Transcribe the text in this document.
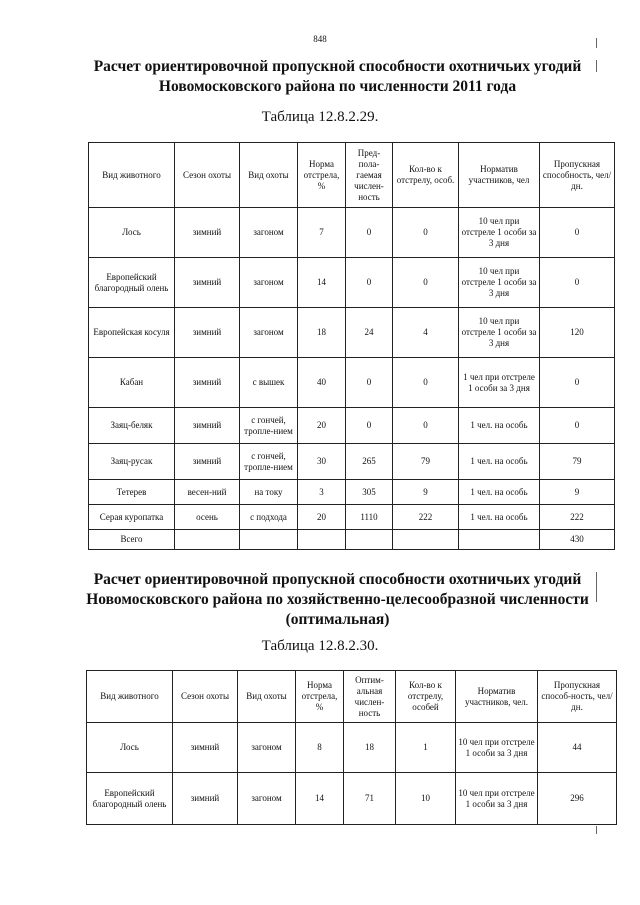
848
Расчет ориентировочной пропускной способности охотничьих угодий
Новомосковского района по численности 2011 года
Таблица 12.8.2.29.
Вид животного	Сезон охоты	Вид охоты	Норма отстрела, %	Пред-пола-гаемая числен-ность	Кол-во к отстрелу, особ.	Норматив участников, чел	Пропускная способность, чел/дн.
Лось	зимний	загоном	7	0	0	10 чел при отстреле 1 особи за 3 дня	0
Европейский благородный олень	зимний	загоном	14	0	0	10 чел при отстреле 1 особи за 3 дня	0
Европейская косуля	зимний	загоном	18	24	4	10 чел при отстреле 1 особи за 3 дня	120
Кабан	зимний	с вышек	40	0	0	1 чел при отстреле 1 особи за 3 дня	0
Заяц-беляк	зимний	с гончей, тропле-нием	20	0	0	1 чел. на особь	0
Заяц-русак	зимний	с гончей, тропле-нием	30	265	79	1 чел. на особь	79
Тетерев	весен-ний	на току	3	305	9	1 чел. на особь	9
Серая куропатка	осень	с подхода	20	1110	222	1 чел. на особь	222
Всего							430
Расчет ориентировочной пропускной способности охотничьих угодий
Новомосковского района по хозяйственно-целесообразной численности
(оптимальная)
Таблица 12.8.2.30.
Вид животного	Сезон охоты	Вид охоты	Норма отстрела, %	Оптим-альная числен-ность	Кол-во к отстрелу, особей	Норматив участников, чел.	Пропускная способ-ность, чел/дн.
Лось	зимний	загоном	8	18	1	10 чел при отстреле 1 особи за 3 дня	44
Европейский благородный олень	зимний	загоном	14	71	10	10 чел при отстреле 1 особи за 3 дня	296
